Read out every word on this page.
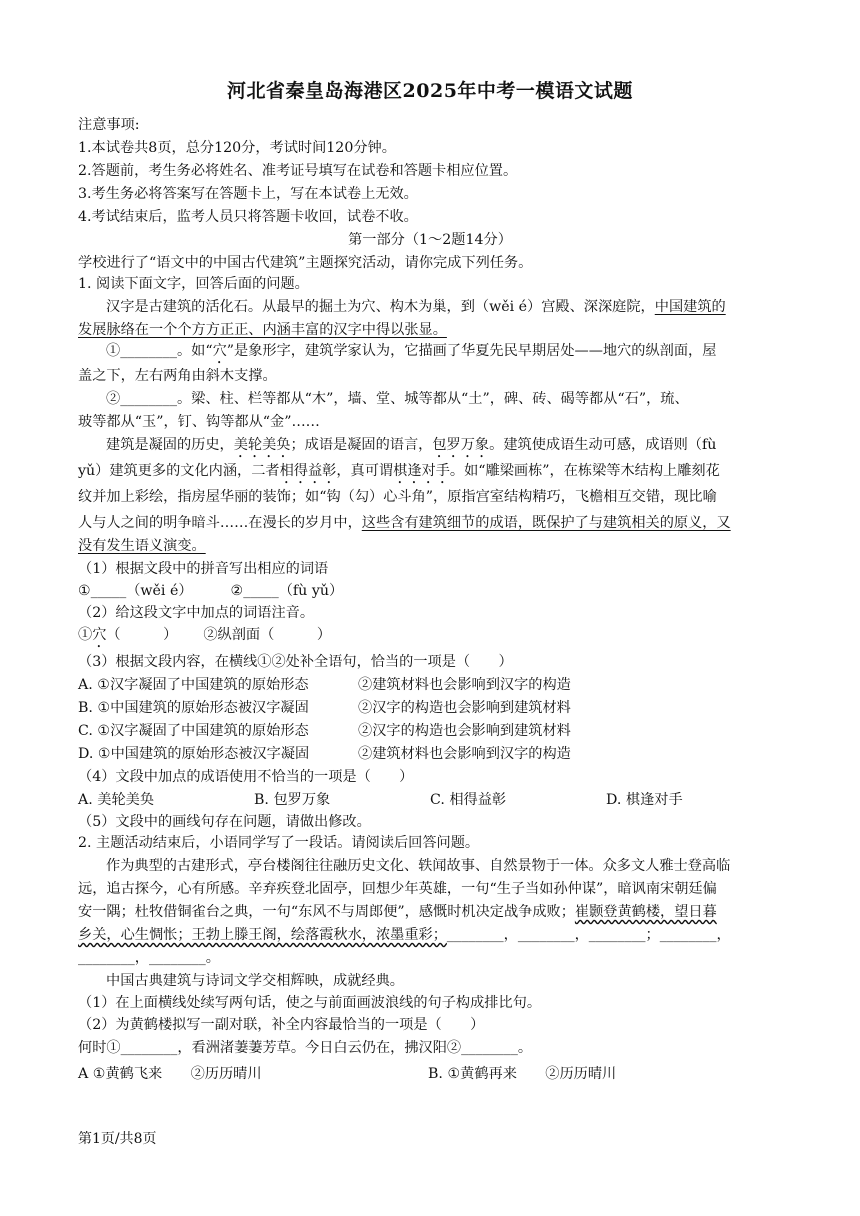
河北省秦皇岛海港区2025年中考一模语文试题
注意事项:
1.本试卷共8页，总分120分，考试时间120分钟。
2.答题前，考生务必将姓名、准考证号填写在试卷和答题卡相应位置。
3.考生务必将答案写在答题卡上，写在本试卷上无效。
4.考试结束后，监考人员只将答题卡收回，试卷不收。
第一部分（1～2题14分）
学校进行了“语文中的中国古代建筑”主题探究活动，请你完成下列任务。
1. 阅读下面文字，回答后面的问题。
汉字是古建筑的活化石。从最早的掘土为穴、构木为巢，到（wěi é）宫殿、深深庭院，中国建筑的
发展脉络在一个个方方正正、内涵丰富的汉字中得以张显。
①________。如“穴”是象形字，建筑学家认为，它描画了华夏先民早期居处——地穴的纵剖面，屋
盖之下，左右两角由斜木支撑。
②________。梁、柱、栏等都从“木”，墙、堂、城等都从“土”，碑、砖、碣等都从“石”，琉、
玻等都从“玉”，钉、钩等都从“金”……
建筑是凝固的历史，美轮美奂；成语是凝固的语言，包罗万象。建筑使成语生动可感，成语则（fù
yǔ）建筑更多的文化内涵，二者相得益彰，真可谓棋逢对手。如“雕梁画栋”，在栋梁等木结构上雕刻花
纹并加上彩绘，指房屋华丽的装饰；如“钩（勾）心斗角”，原指宫室结构精巧，飞檐相互交错，现比喻
人与人之间的明争暗斗……在漫长的岁月中，这些含有建筑细节的成语，既保护了与建筑相关的原义，又
没有发生语义演变。
（1）根据文段中的拼音写出相应的词语
①_____（wěi é）	②_____（fù yǔ）
（2）给这段文字中加点的词语注音。
①穴（　　　） ②纵剖面（　　　）
（3）根据文段内容，在横线①②处补全语句，恰当的一项是（　　）
A. ①汉字凝固了中国建筑的原始形态	②建筑材料也会影响到汉字的构造
B. ①中国建筑的原始形态被汉字凝固	②汉字的构造也会影响到建筑材料
C. ①汉字凝固了中国建筑的原始形态	②汉字的构造也会影响到建筑材料
D. ①中国建筑的原始形态被汉字凝固	②建筑材料也会影响到汉字的构造
（4）文段中加点的成语使用不恰当的一项是（　　）
A. 美轮美奂	B. 包罗万象	C. 相得益彰	D. 棋逢对手
（5）文段中的画线句存在问题，请做出修改。
2. 主题活动结束后，小语同学写了一段话。请阅读后回答问题。
作为典型的古建形式，亭台楼阁往往融历史文化、轶闻故事、自然景物于一体。众多文人雅士登高临
远，追古探今，心有所感。辛弃疾登北固亭，回想少年英雄，一句“生子当如孙仲谋”，暗讽南宋朝廷偏
安一隅；杜牧借铜雀台之典，一句“东风不与周郎便”，感慨时机决定战争成败；崔颢登黄鹤楼，望日暮
乡关，心生惆怅；王勃上滕王阁，绘落霞秋水，浓墨重彩；________，________，________；________，
________，________。
中国古典建筑与诗词文学交相辉映，成就经典。
（1）在上面横线处续写两句话，使之与前面画波浪线的句子构成排比句。
（2）为黄鹤楼拟写一副对联，补全内容最恰当的一项是（　　）
何时①________，看洲渚萋萋芳草。今日白云仍在，拂汉阳②________。
A ①黄鹤飞来　　②历历晴川	B. ①黄鹤再来　　②历历晴川
第1页/共8页
